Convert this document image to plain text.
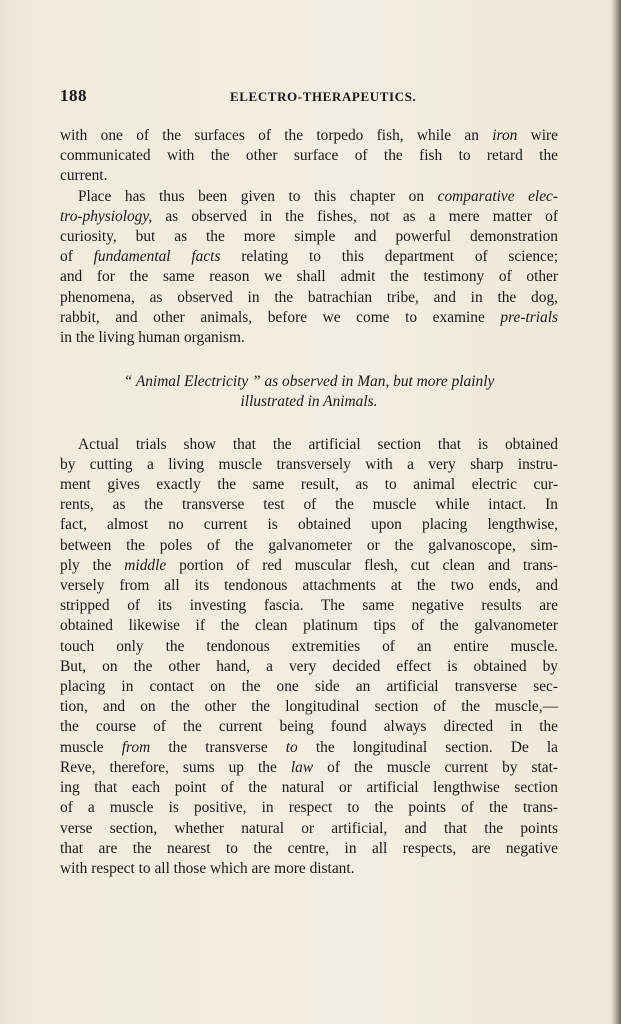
188	ELECTRO-THERAPEUTICS.
with one of the surfaces of the torpedo fish, while an iron wire
communicated with the other surface of the fish to retard the
current.
Place has thus been given to this chapter on comparative elec-
tro-physiology, as observed in the fishes, not as a mere matter of
curiosity, but as the more simple and powerful demonstration
of fundamental facts relating to this department of science;
and for the same reason we shall admit the testimony of other
phenomena, as observed in the batrachian tribe, and in the dog,
rabbit, and other animals, before we come to examine pre-trials
in the living human organism.
“ Animal Electricity ” as observed in Man, but more plainly
illustrated in Animals.
Actual trials show that the artificial section that is obtained
by cutting a living muscle transversely with a very sharp instru-
ment gives exactly the same result, as to animal electric cur-
rents, as the transverse test of the muscle while intact. In
fact, almost no current is obtained upon placing lengthwise,
between the poles of the galvanometer or the galvanoscope, sim-
ply the middle portion of red muscular flesh, cut clean and trans-
versely from all its tendonous attachments at the two ends, and
stripped of its investing fascia. The same negative results are
obtained likewise if the clean platinum tips of the galvanometer
touch only the tendonous extremities of an entire muscle.
But, on the other hand, a very decided effect is obtained by
placing in contact on the one side an artificial transverse sec-
tion, and on the other the longitudinal section of the muscle,—
the course of the current being found always directed in the
muscle from the transverse to the longitudinal section. De la
Reve, therefore, sums up the law of the muscle current by stat-
ing that each point of the natural or artificial lengthwise section
of a muscle is positive, in respect to the points of the trans-
verse section, whether natural or artificial, and that the points
that are the nearest to the centre, in all respects, are negative
with respect to all those which are more distant.
